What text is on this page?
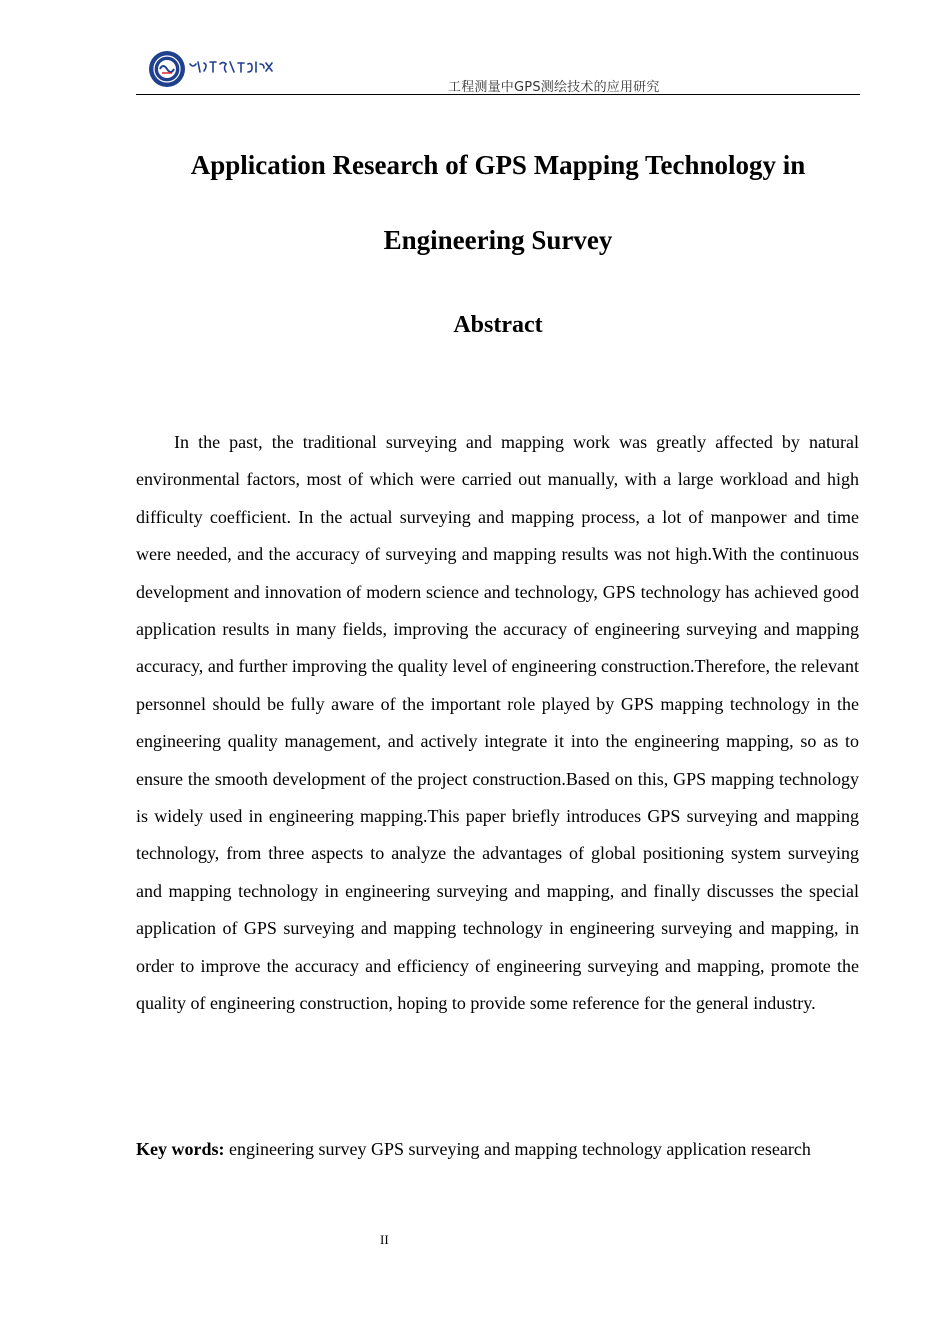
工程测量中GPS测绘技术的应用研究
Application Research of GPS Mapping Technology in
Engineering Survey
Abstract

In the past, the traditional surveying and mapping work was greatly affected by natural environmental factors, most of which were carried out manually, with a large workload and high difficulty coefficient. In the actual surveying and mapping process, a lot of manpower and time were needed, and the accuracy of surveying and mapping results was not high.With the continuous development and innovation of modern science and technology, GPS technology has achieved good application results in many fields, improving the accuracy of engineering surveying and mapping accuracy, and further improving the quality level of engineering construction.Therefore, the relevant personnel should be fully aware of the important role played by GPS mapping technology in the engineering quality management, and actively integrate it into the engineering mapping, so as to ensure the smooth development of the project construction.Based on this, GPS mapping technology is widely used in engineering mapping.This paper briefly introduces GPS surveying and mapping technology, from three aspects to analyze the advantages of global positioning system surveying and mapping technology in engineering surveying and mapping, and finally discusses the special application of GPS surveying and mapping technology in engineering surveying and mapping, in order to improve the accuracy and efficiency of engineering surveying and mapping, promote the quality of engineering construction, hoping to provide some reference for the general industry.

Key words: engineering survey GPS surveying and mapping technology application research

II
